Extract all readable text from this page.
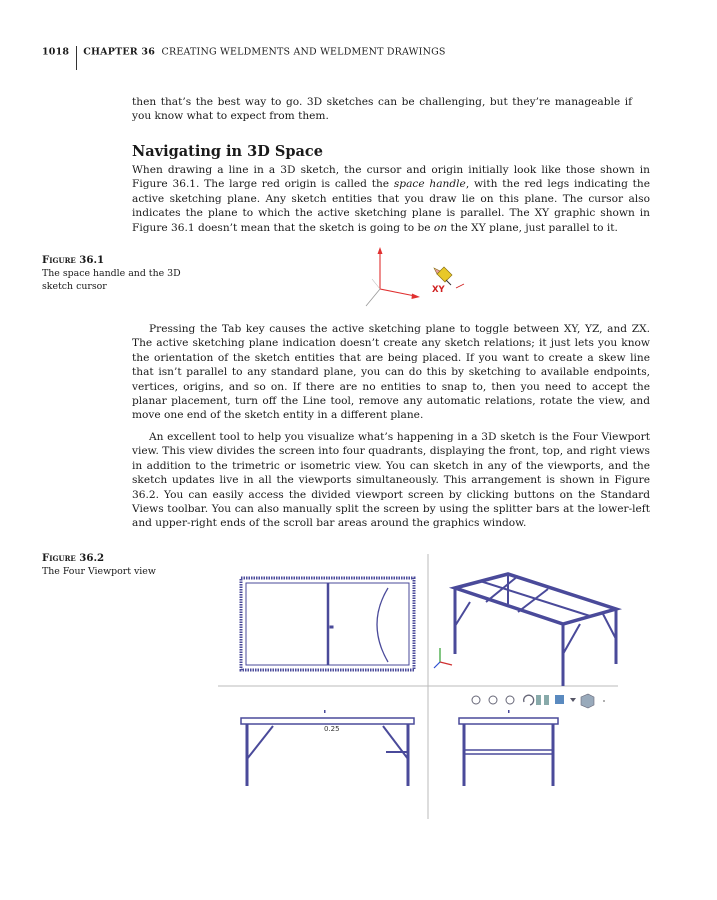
1018 CHAPTER 36 CREATING WELDMENTS AND WELDMENT DRAWINGS

then that’s the best way to go. 3D sketches can be challenging, but they’re manageable if you know what to expect from them.

Navigating in 3D Space

When drawing a line in a 3D sketch, the cursor and origin initially look like those shown in Figure 36.1. The large red origin is called the space handle, with the red legs indicating the active sketching plane. Any sketch entities that you draw lie on this plane. The cursor also indicates the plane to which the active sketching plane is parallel. The XY graphic shown in Figure 36.1 doesn’t mean that the sketch is going to be on the XY plane, just parallel to it.

Figure 36.1
The space handle and the 3D sketch cursor	XY

Pressing the Tab key causes the active sketching plane to toggle between XY, YZ, and ZX. The active sketching plane indication doesn’t create any sketch relations; it just lets you know the orientation of the sketch entities that are being placed. If you want to create a skew line that isn’t parallel to any standard plane, you can do this by sketching to available endpoints, vertices, origins, and so on. If there are no entities to snap to, then you need to accept the planar placement, turn off the Line tool, remove any automatic relations, rotate the view, and move one end of the sketch entity in a different plane.

An excellent tool to help you visualize what’s happening in a 3D sketch is the Four Viewport view. This view divides the screen into four quadrants, displaying the front, top, and right views in addition to the trimetric or isometric view. You can sketch in any of the viewports, and the sketch updates live in all the viewports simultaneously. This arrangement is shown in Figure 36.2. You can easily access the divided viewport screen by clicking buttons on the Standard Views toolbar. You can also manually split the screen by using the splitter bars at the lower-left and upper-right ends of the scroll bar areas around the graphics window.

Figure 36.2
The Four Viewport view
0.25
